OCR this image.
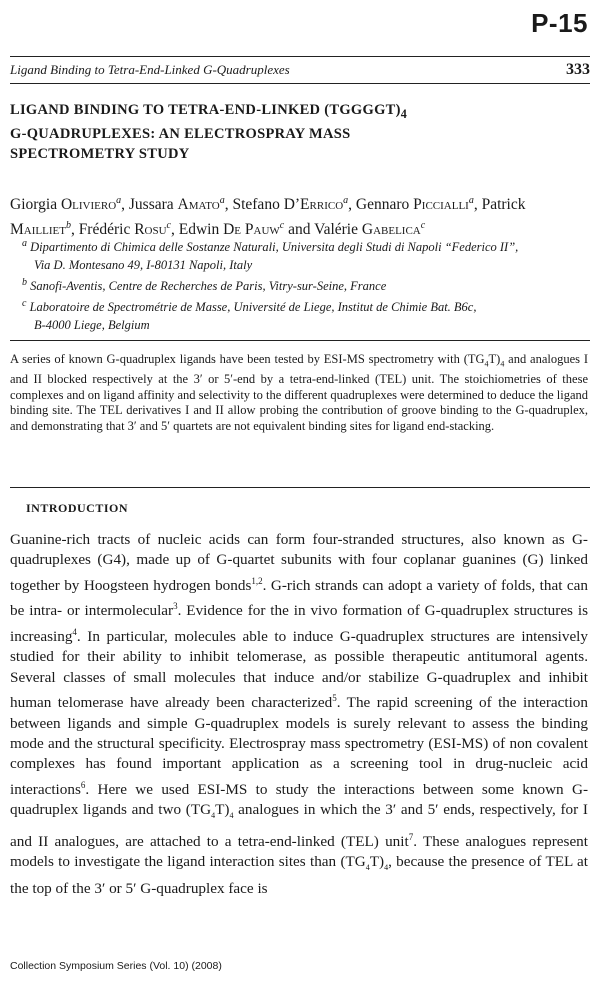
P-15
Ligand Binding to Tetra-End-Linked G-Quadruplexes	333
LIGAND BINDING TO TETRA-END-LINKED $(TGGGGT)_4$
G-QUADRUPLEXES: AN ELECTROSPRAY MASS
SPECTROMETRY STUDY
Giorgia Oliviero$^a$, Jussara Amato$^a$, Stefano D’Errico$^a$, Gennaro Piccialli$^a$, Patrick Mailliet$^b$, Frédéric Rosu$^c$, Edwin De Pauw$^c$ and Valérie Gabelica$^c$
$^a$ Dipartimento di Chimica delle Sostanze Naturali, Universita degli Studi di Napoli “Federico II”,
Via D. Montesano 49, I-80131 Napoli, Italy
$^b$ Sanofi-Aventis, Centre de Recherches de Paris, Vitry-sur-Seine, France
$^c$ Laboratoire de Spectrométrie de Masse, Université de Liege, Institut de Chimie Bat. B6c,
B-4000 Liege, Belgium
A series of known G-quadruplex ligands have been tested by ESI-MS spectrometry with $(TG_4T)_4$ and analogues I and II blocked respectively at the 3′ or 5′-end by a tetra-end-linked (TEL) unit. The stoichiometries of these complexes and on ligand affinity and selectivity to the different quadruplexes were determined to deduce the ligand binding site. The TEL derivatives I and II allow probing the contribution of groove binding to the G-quadruplex, and demonstrating that 3′ and 5′ quartets are not equivalent binding sites for ligand end-stacking.
INTRODUCTION
Guanine-rich tracts of nucleic acids can form four-stranded structures, also known as G-quadruplexes (G4), made up of G-quartet subunits with four coplanar guanines (G) linked together by Hoogsteen hydrogen bonds$^{1,2}$. G-rich strands can adopt a variety of folds, that can be intra- or intermolecular$^3$. Evidence for the in vivo formation of G-quadruplex structures is increasing$^4$. In particular, molecules able to induce G-quadruplex structures are intensively studied for their ability to inhibit telomerase, as possible therapeutic antitumoral agents. Several classes of small molecules that induce and/or stabilize G-quadruplex and inhibit human telomerase have already been characterized$^5$. The rapid screening of the interaction between ligands and simple G-quadruplex models is surely relevant to assess the binding mode and the structural specificity. Electrospray mass spectrometry (ESI-MS) of non covalent complexes has found important application as a screening tool in drug-nucleic acid interactions$^6$. Here we used ESI-MS to study the interactions between some known G-quadruplex ligands and two $(TG_4T)_4$ analogues in which the 3′ and 5′ ends, respectively, for I and II analogues, are attached to a tetra-end-linked (TEL) unit$^7$. These analogues represent models to investigate the ligand interaction sites than $(TG_4T)_4$, because the presence of TEL at the top of the 3′ or 5′ G-quadruplex face is
Collection Symposium Series (Vol. 10) (2008)
